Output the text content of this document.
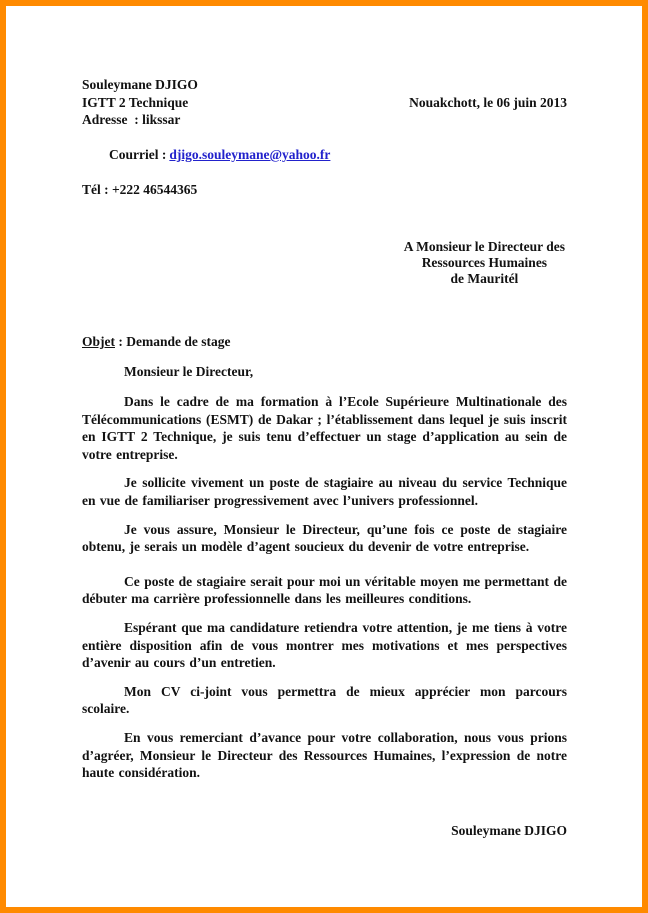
Souleymane DJIGO
IGTT 2 Technique	Nouakchott, le 06 juin 2013
Adresse  : likssar

Courriel : djigo.souleymane@yahoo.fr

Tél : +222 46544365
A Monsieur le Directeur des
Ressources Humaines
de Mauritél
Objet : Demande de stage
Monsieur le Directeur,

Dans le cadre de ma formation à l’Ecole Supérieure Multinationale des Télécommunications (ESMT) de Dakar ; l’établissement dans lequel je suis inscrit en IGTT 2 Technique, je suis tenu d’effectuer un stage d’application au sein de votre entreprise.

Je sollicite vivement un poste de stagiaire au niveau du service Technique en vue de familiariser progressivement avec l’univers professionnel.

Je vous assure, Monsieur le Directeur, qu’une fois ce poste de stagiaire obtenu, je serais un modèle d’agent soucieux du devenir de votre entreprise.

Ce poste de stagiaire serait pour moi un véritable moyen me permettant de débuter ma carrière professionnelle dans les meilleures conditions.

Espérant que ma candidature retiendra votre attention, je me tiens à votre entière disposition afin de vous montrer mes motivations et mes perspectives d’avenir au cours d’un entretien.

Mon CV ci-joint vous permettra de mieux apprécier mon parcours scolaire.

En vous remerciant d’avance pour votre collaboration, nous vous prions d’agréer, Monsieur le Directeur des Ressources Humaines, l’expression de notre haute considération.

Souleymane DJIGO
